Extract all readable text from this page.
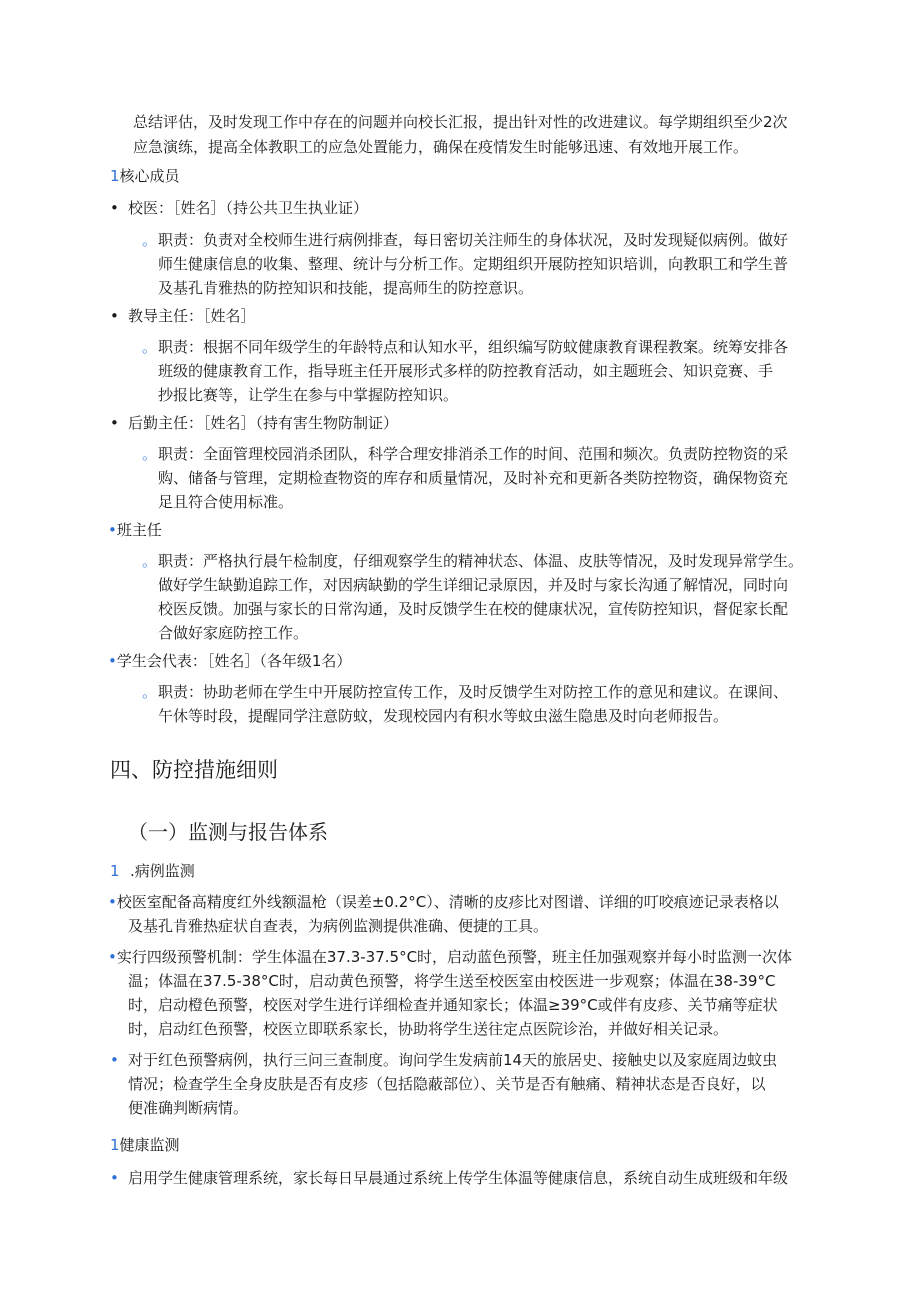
总结评估，及时发现工作中存在的问题并向校长汇报，提出针对性的改进建议。每学期组织至少2次

应急演练，提高全体教职工的应急处置能力，确保在疫情发生时能够迅速、有效地开展工作。

1核心成员

• 校医：［姓名］（持公共卫生执业证）

。职责：负责对全校师生进行病例排查，每日密切关注师生的身体状况，及时发现疑似病例。做好

师生健康信息的收集、整理、统计与分析工作。定期组织开展防控知识培训，向教职工和学生普

及基孔肯雅热的防控知识和技能，提高师生的防控意识。

• 教导主任：［姓名］

。职责：根据不同年级学生的年龄特点和认知水平，组织编写防蚊健康教育课程教案。统筹安排各

班级的健康教育工作，指导班主任开展形式多样的防控教育活动，如主题班会、知识竞赛、手

抄报比赛等，让学生在参与中掌握防控知识。

• 后勤主任：［姓名］（持有害生物防制证）

。职责：全面管理校园消杀团队，科学合理安排消杀工作的时间、范围和频次。负责防控物资的采

购、储备与管理，定期检查物资的库存和质量情况，及时补充和更新各类防控物资，确保物资充

足且符合使用标准。

•班主任

。职责：严格执行晨午检制度，仔细观察学生的精神状态、体温、皮肤等情况，及时发现异常学生。

做好学生缺勤追踪工作，对因病缺勤的学生详细记录原因，并及时与家长沟通了解情况，同时向

校医反馈。加强与家长的日常沟通，及时反馈学生在校的健康状况，宣传防控知识，督促家长配

合做好家庭防控工作。

•学生会代表：［姓名］（各年级1名）

。职责：协助老师在学生中开展防控宣传工作，及时反馈学生对防控工作的意见和建议。在课间、

午休等时段，提醒同学注意防蚊，发现校园内有积水等蚊虫滋生隐患及时向老师报告。

四、防控措施细则

（一）监测与报告体系

1 .病例监测

•校医室配备高精度红外线额温枪（误差±0.2°C）、清晰的皮疹比对图谱、详细的叮咬痕迹记录表格以

及基孔肯雅热症状自查表，为病例监测提供准确、便捷的工具。

•实行四级预警机制：学生体温在37.3-37.5°C时，启动蓝色预警，班主任加强观察并每小时监测一次体

温；体温在37.5-38°C时，启动黄色预警，将学生送至校医室由校医进一步观察；体温在38-39°C

时，启动橙色预警，校医对学生进行详细检查并通知家长；体温≥39°C或伴有皮疹、关节痛等症状

时，启动红色预警，校医立即联系家长，协助将学生送往定点医院诊治，并做好相关记录。

• 对于红色预警病例，执行三问三查制度。询问学生发病前14天的旅居史、接触史以及家庭周边蚊虫

情况；检查学生全身皮肤是否有皮疹（包括隐蔽部位）、关节是否有触痛、精神状态是否良好，以

便准确判断病情。

1健康监测

• 启用学生健康管理系统，家长每日早晨通过系统上传学生体温等健康信息，系统自动生成班级和年级
